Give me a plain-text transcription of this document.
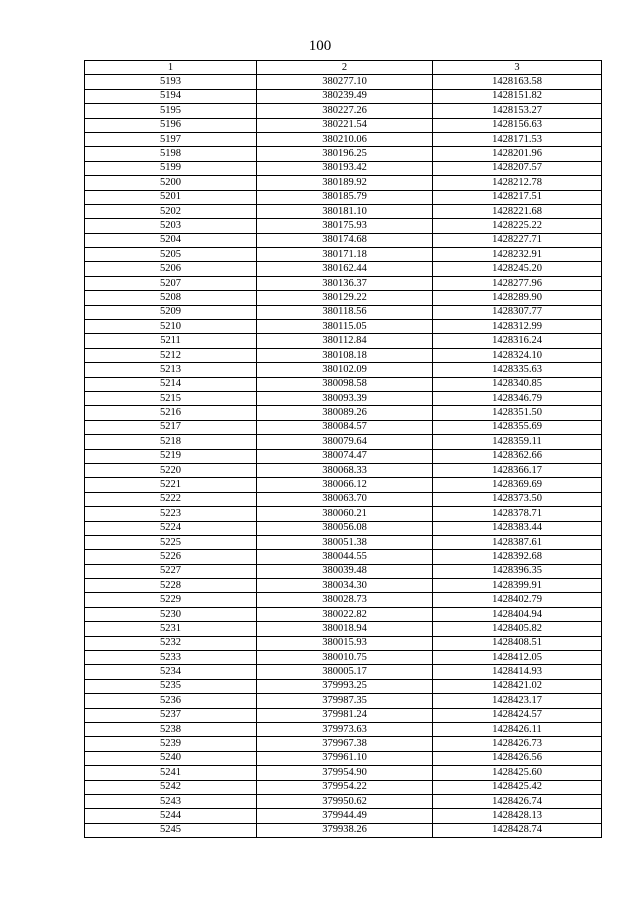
100
1	2	3
5193	380277.10	1428163.58
5194	380239.49	1428151.82
5195	380227.26	1428153.27
5196	380221.54	1428156.63
5197	380210.06	1428171.53
5198	380196.25	1428201.96
5199	380193.42	1428207.57
5200	380189.92	1428212.78
5201	380185.79	1428217.51
5202	380181.10	1428221.68
5203	380175.93	1428225.22
5204	380174.68	1428227.71
5205	380171.18	1428232.91
5206	380162.44	1428245.20
5207	380136.37	1428277.96
5208	380129.22	1428289.90
5209	380118.56	1428307.77
5210	380115.05	1428312.99
5211	380112.84	1428316.24
5212	380108.18	1428324.10
5213	380102.09	1428335.63
5214	380098.58	1428340.85
5215	380093.39	1428346.79
5216	380089.26	1428351.50
5217	380084.57	1428355.69
5218	380079.64	1428359.11
5219	380074.47	1428362.66
5220	380068.33	1428366.17
5221	380066.12	1428369.69
5222	380063.70	1428373.50
5223	380060.21	1428378.71
5224	380056.08	1428383.44
5225	380051.38	1428387.61
5226	380044.55	1428392.68
5227	380039.48	1428396.35
5228	380034.30	1428399.91
5229	380028.73	1428402.79
5230	380022.82	1428404.94
5231	380018.94	1428405.82
5232	380015.93	1428408.51
5233	380010.75	1428412.05
5234	380005.17	1428414.93
5235	379993.25	1428421.02
5236	379987.35	1428423.17
5237	379981.24	1428424.57
5238	379973.63	1428426.11
5239	379967.38	1428426.73
5240	379961.10	1428426.56
5241	379954.90	1428425.60
5242	379954.22	1428425.42
5243	379950.62	1428426.74
5244	379944.49	1428428.13
5245	379938.26	1428428.74
